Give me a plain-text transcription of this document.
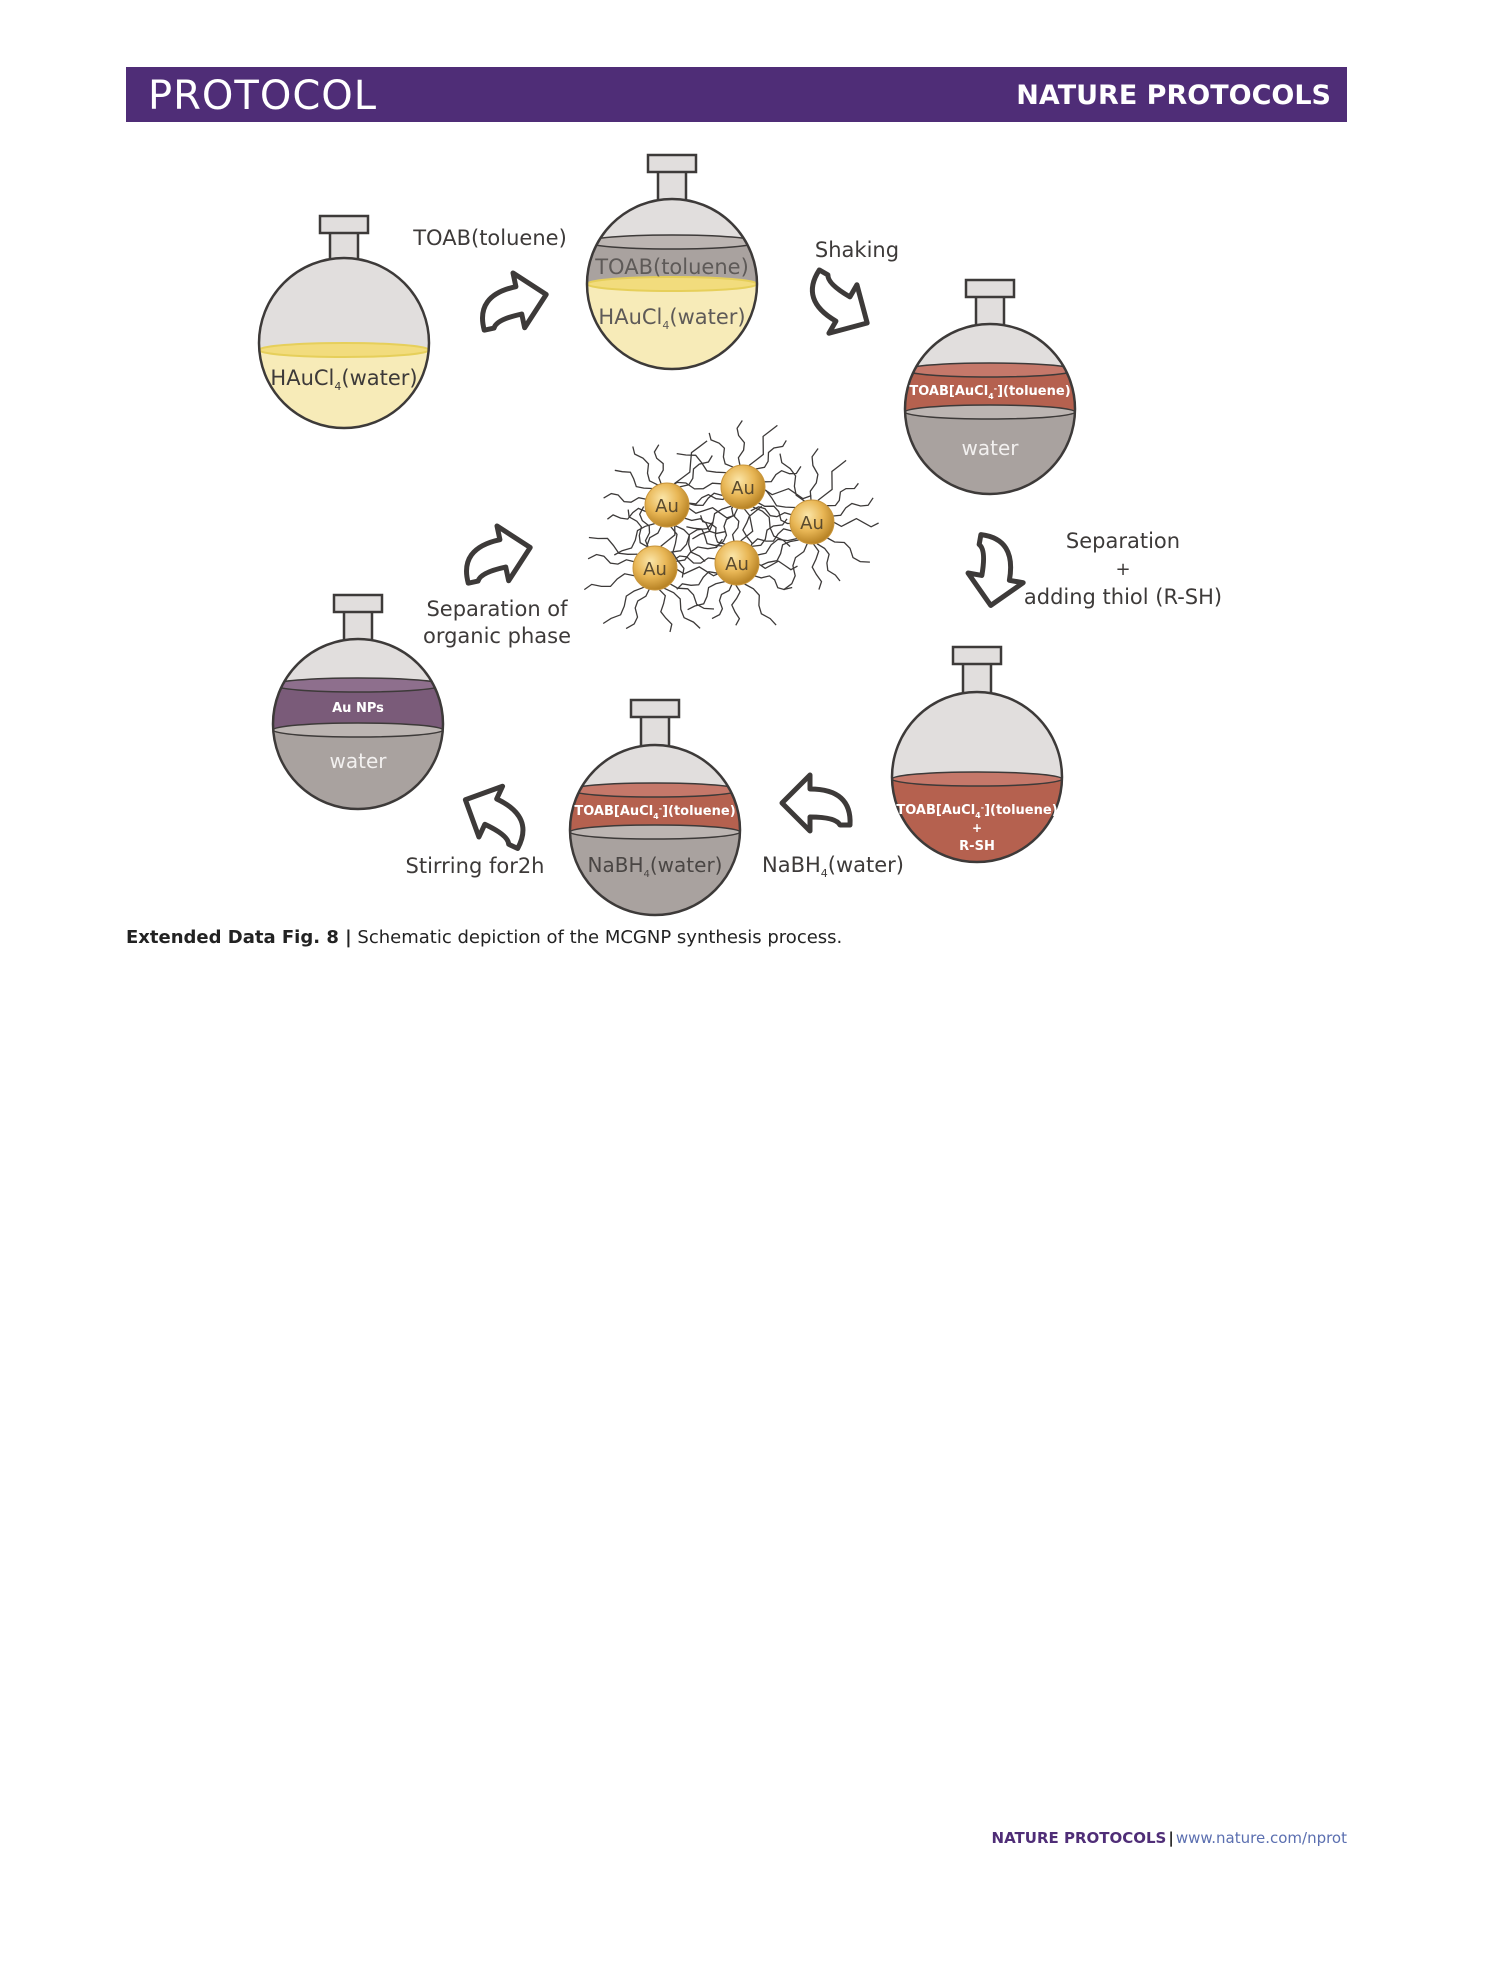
PROTOCOL	NATURE PROTOCOLS
HAuCl$_4$(water)
TOAB(toluene)
TOAB(toluene)
HAuCl$_4$(water)
Shaking
TOAB[AuCl$_4$-](toluene)
water
Separation
+
adding thiol (R-SH)
TOAB[AuCl$_4$-](toluene)
+
R-SH
NaBH$_4$(water)
TOAB[AuCl$_4$-](toluene)
NaBH$_4$(water)
Stirring for2h
Au NPs
water
Separation of
organic phase
Au
Au
Au
Au	Au
Extended Data Fig. 8 | Schematic depiction of the MCGNP synthesis process.
NATURE PROTOCOLS | www.nature.com/nprot
